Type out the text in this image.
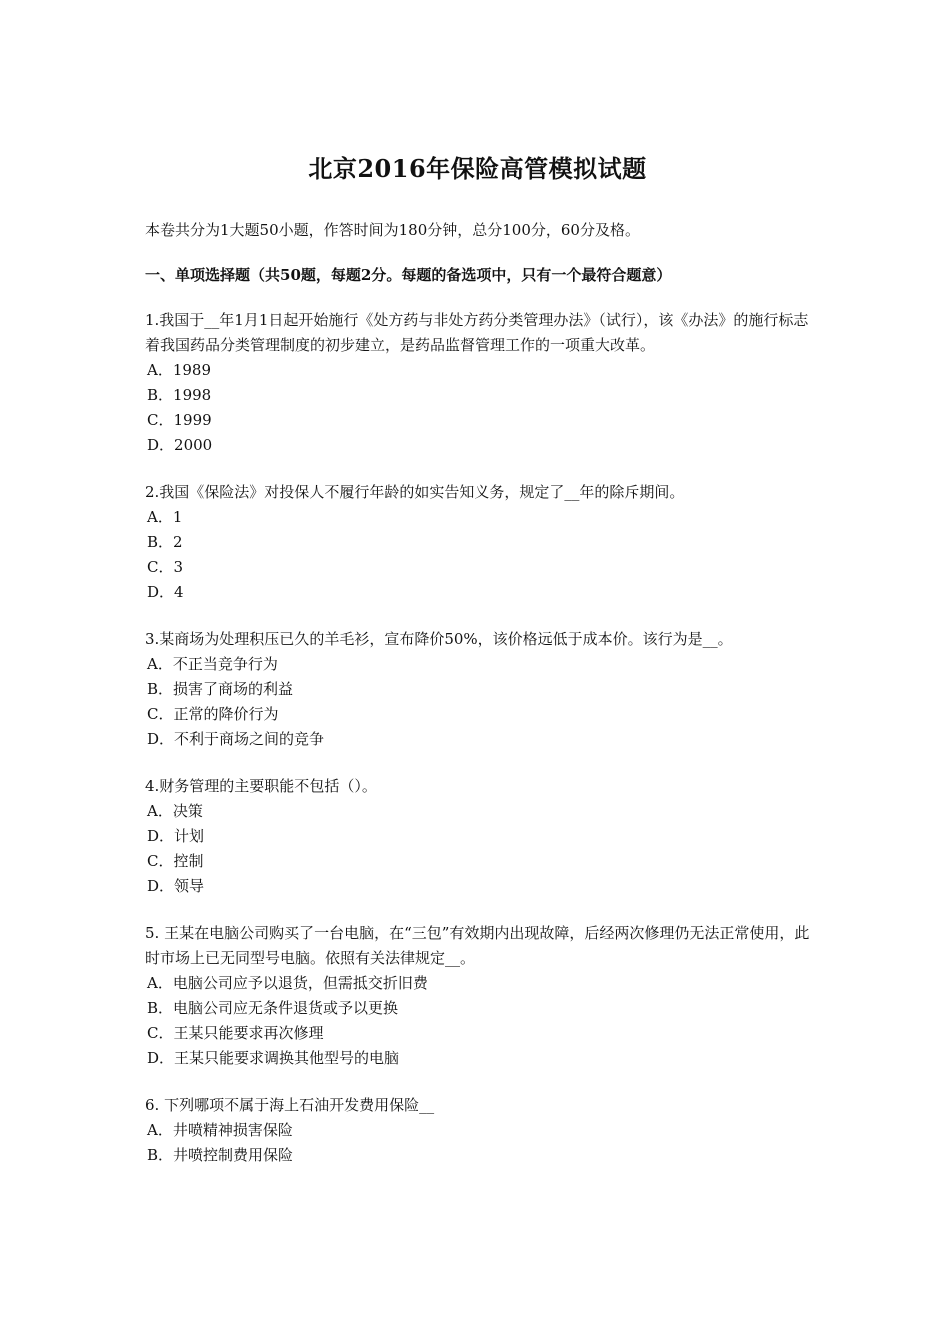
北京2016年保险高管模拟试题

本卷共分为1大题50小题，作答时间为180分钟，总分100分，60分及格。

一、单项选择题（共50题，每题2分。每题的备选项中，只有一个最符合题意）

1.我国于__年1月1日起开始施行《处方药与非处方药分类管理办法》（试行），该《办法》的施行标志着我国药品分类管理制度的初步建立，是药品监督管理工作的一项重大改革。

A．1989

B．1998

C．1999

D．2000

2.我国《保险法》对投保人不履行年龄的如实告知义务，规定了__年的除斥期间。

A．1

B．2

C．3

D．4

3.某商场为处理积压已久的羊毛衫，宣布降价50%，该价格远低于成本价。该行为是__。

A．不正当竞争行为

B．损害了商场的利益

C．正常的降价行为

D．不利于商场之间的竞争

4.财务管理的主要职能不包括（）。

A．决策

D．计划

C．控制

D．领导

5. 王某在电脑公司购买了一台电脑，在“三包”有效期内出现故障，后经两次修理仍无法正常使用，此时市场上已无同型号电脑。依照有关法律规定__。

A．电脑公司应予以退货，但需抵交折旧费

B．电脑公司应无条件退货或予以更换

C．王某只能要求再次修理

D．王某只能要求调换其他型号的电脑

6. 下列哪项不属于海上石油开发费用保险__

A．井喷精神损害保险

B．井喷控制费用保险
